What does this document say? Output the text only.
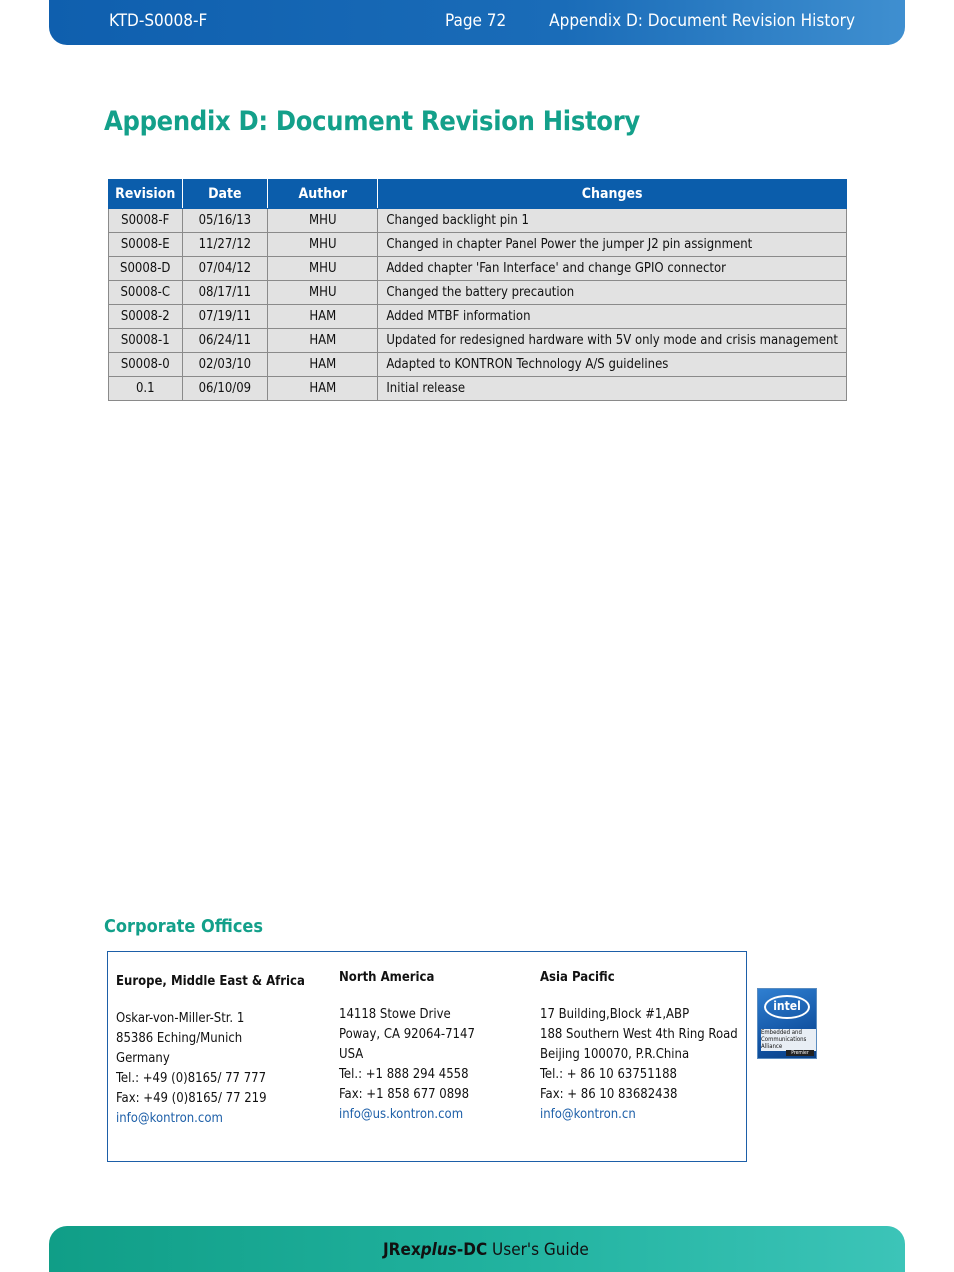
KTD-S0008-F	Page 72	Appendix D: Document Revision History
Appendix D: Document Revision History
Revision	Date	Author	Changes
S0008-F	05/16/13	MHU	Changed backlight pin 1
S0008-E	11/27/12	MHU	Changed in chapter Panel Power the jumper J2 pin assignment
S0008-D	07/04/12	MHU	Added chapter 'Fan Interface' and change GPIO connector
S0008-C	08/17/11	MHU	Changed the battery precaution
S0008-2	07/19/11	HAM	Added MTBF information
S0008-1	06/24/11	HAM	Updated for redesigned hardware with 5V only mode and crisis management
S0008-0	02/03/10	HAM	Adapted to KONTRON Technology A/S guidelines
0.1	06/10/09	HAM	Initial release
Corporate Offices
Europe, Middle East & Africa
Oskar-von-Miller-Str. 1
85386 Eching/Munich
Germany
Tel.: +49 (0)8165/ 77 777
Fax: +49 (0)8165/ 77 219
info@kontron.com
North America
14118 Stowe Drive
Poway, CA 92064-7147
USA
Tel.: +1 888 294 4558
Fax: +1 858 677 0898
info@us.kontron.com
Asia Pacific
17 Building,Block #1,ABP
188 Southern West 4th Ring Road
Beijing 100070, P.R.China
Tel.: + 86 10 63751188
Fax: + 86 10 83682438
info@kontron.cn
intel
Embedded and Communications Alliance
Premier
JRexplus-DC User's Guide
